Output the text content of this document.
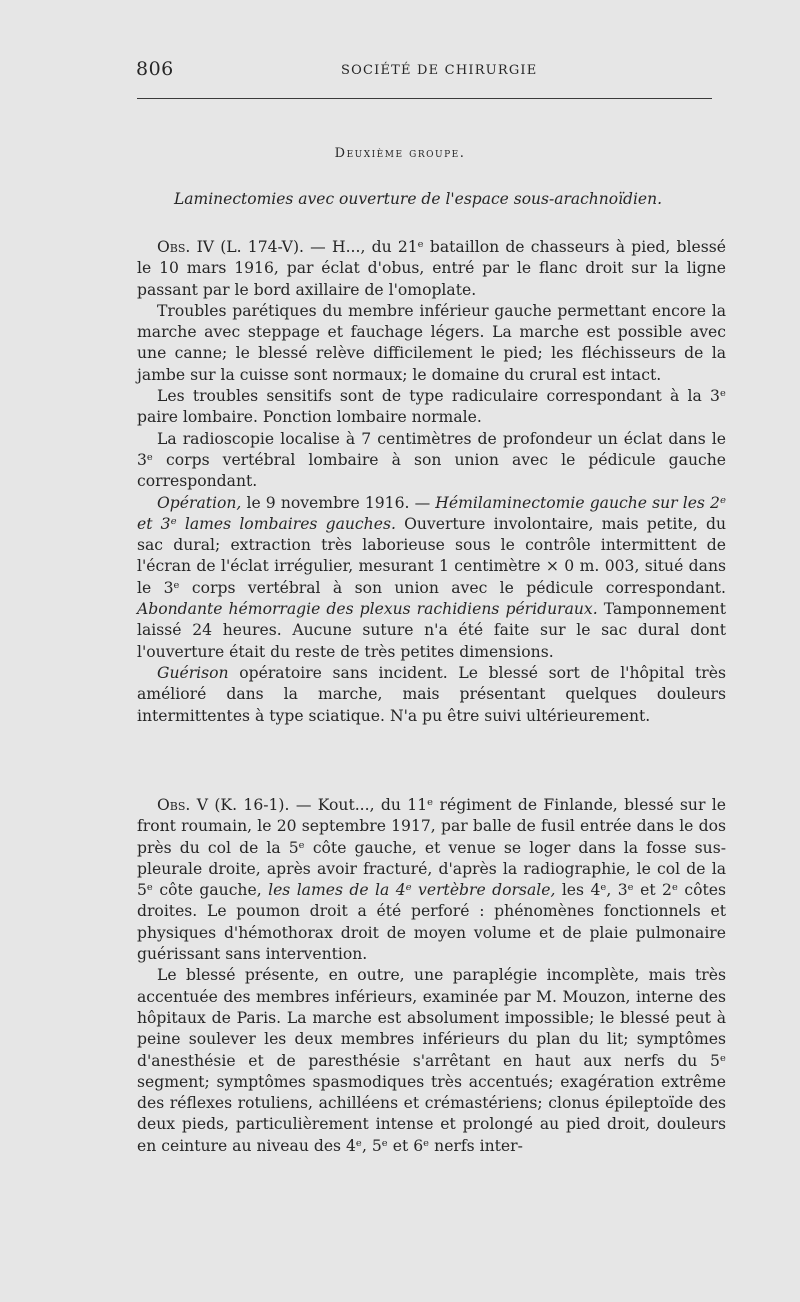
806	SOCIÉTÉ DE CHIRURGIE
Deuxième groupe.
Laminectomies avec ouverture de l'espace sous-arachnoïdien.

Obs. IV (L. 174-V). — H..., du 21ᵉ bataillon de chasseurs à pied, blessé le 10 mars 1916, par éclat d'obus, entré par le flanc droit sur la ligne passant par le bord axillaire de l'omoplate.

Troubles parétiques du membre inférieur gauche permettant encore la marche avec steppage et fauchage légers. La marche est possible avec une canne; le blessé relève difficilement le pied; les fléchisseurs de la jambe sur la cuisse sont normaux; le domaine du crural est intact.

Les troubles sensitifs sont de type radiculaire correspondant à la 3ᵉ paire lombaire. Ponction lombaire normale.

La radioscopie localise à 7 centimètres de profondeur un éclat dans le 3ᵉ corps vertébral lombaire à son union avec le pédicule gauche correspondant.

Opération, le 9 novembre 1916. — Hémilaminectomie gauche sur les 2ᵉ et 3ᵉ lames lombaires gauches. Ouverture involontaire, mais petite, du sac dural; extraction très laborieuse sous le contrôle intermittent de l'écran de l'éclat irrégulier, mesurant 1 centimètre × 0 m. 003, situé dans le 3ᵉ corps vertébral à son union avec le pédicule correspondant. Abondante hémorragie des plexus rachidiens périduraux. Tamponnement laissé 24 heures. Aucune suture n'a été faite sur le sac dural dont l'ouverture était du reste de très petites dimensions.

Guérison opératoire sans incident. Le blessé sort de l'hôpital très amélioré dans la marche, mais présentant quelques douleurs intermittentes à type sciatique. N'a pu être suivi ultérieurement.

Obs. V (K. 16-1). — Kout..., du 11ᵉ régiment de Finlande, blessé sur le front roumain, le 20 septembre 1917, par balle de fusil entrée dans le dos près du col de la 5ᵉ côte gauche, et venue se loger dans la fosse sus-pleurale droite, après avoir fracturé, d'après la radiographie, le col de la 5ᵉ côte gauche, les lames de la 4ᵉ vertèbre dorsale, les 4ᵉ, 3ᵉ et 2ᵉ côtes droites. Le poumon droit a été perforé : phénomènes fonctionnels et physiques d'hémothorax droit de moyen volume et de plaie pulmonaire guérissant sans intervention.

Le blessé présente, en outre, une paraplégie incomplète, mais très accentuée des membres inférieurs, examinée par M. Mouzon, interne des hôpitaux de Paris. La marche est absolument impossible; le blessé peut à peine soulever les deux membres inférieurs du plan du lit; symptômes d'anesthésie et de paresthésie s'arrêtant en haut aux nerfs du 5ᵉ segment; symptômes spasmodiques très accentués; exagération extrême des réflexes rotuliens, achilléens et crémastériens; clonus épileptoïde des deux pieds, particulièrement intense et prolongé au pied droit, douleurs en ceinture au niveau des 4ᵉ, 5ᵉ et 6ᵉ nerfs inter-
